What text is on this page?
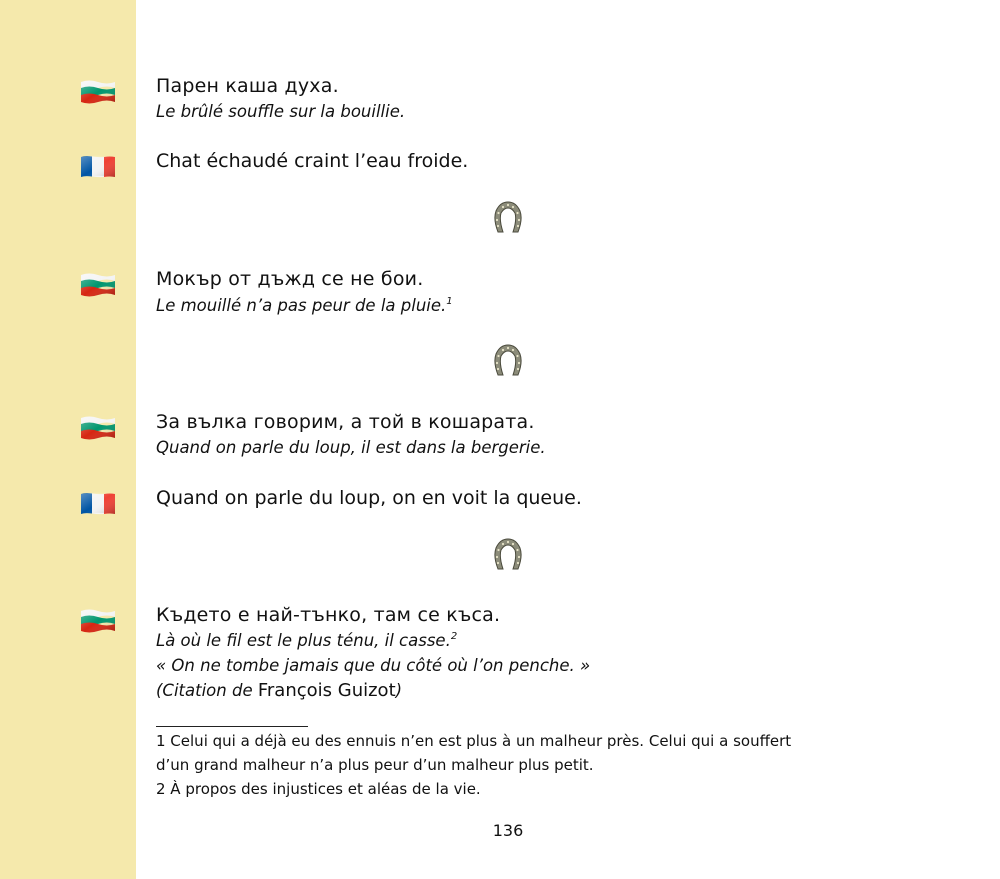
Парен каша духа.
Le brûlé souffle sur la bouillie.
Chat échaudé craint l’eau froide.
Мокър от дъжд се не бои.
Le mouillé n’a pas peur de la pluie.$^1$
За вълка говорим, а той в кошарата.
Quand on parle du loup, il est dans la bergerie.
Quand on parle du loup, on en voit la queue.
Където е най-тънко, там се къса.
Là où le fil est le plus ténu, il casse.$^2$
« On ne tombe jamais que du côté où l’on penche. »
(Citation de François Guizot)
1 Celui qui a déjà eu des ennuis n’en est plus à un malheur près. Celui qui a souffert
d’un grand malheur n’a plus peur d’un malheur plus petit.
2 À propos des injustices et aléas de la vie.
136
